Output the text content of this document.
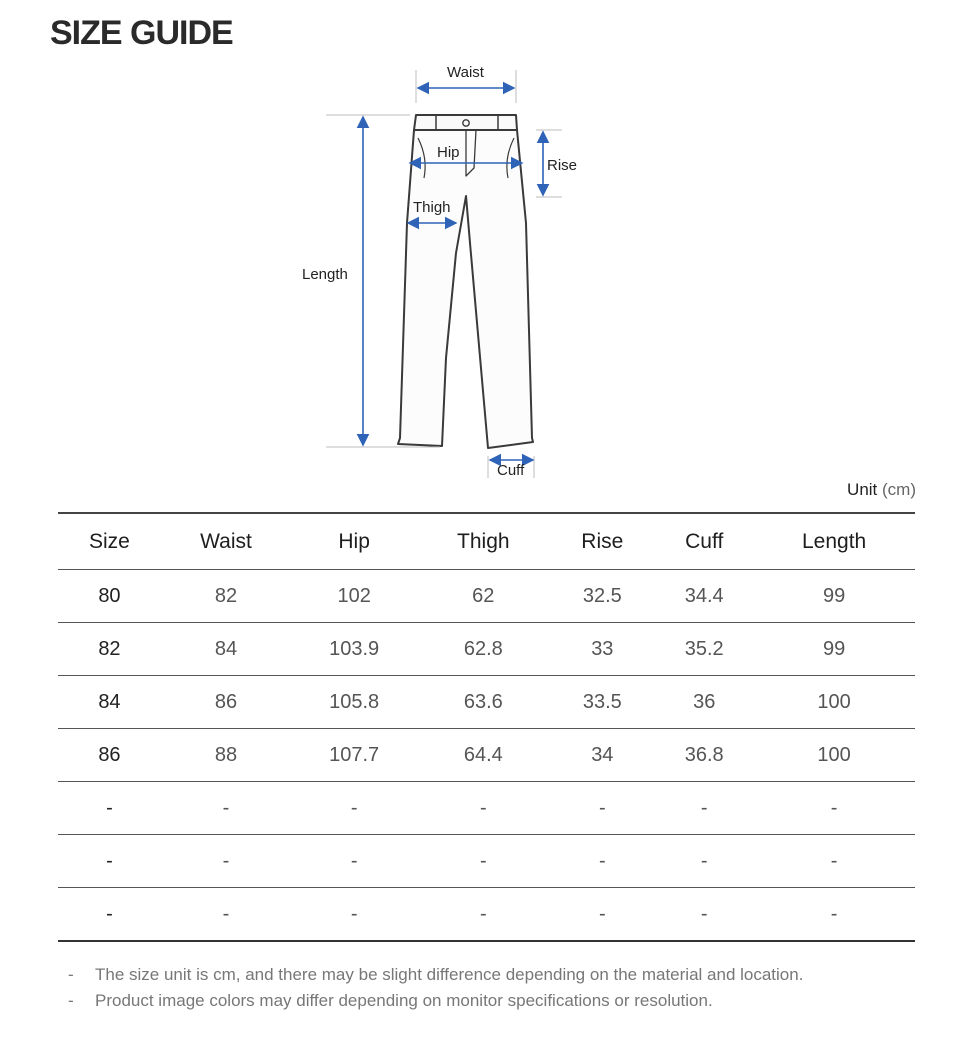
SIZE GUIDE
Waist
Hip
Rise
Thigh
Length
Cuff
Unit (cm)
Size	Waist	Hip	Thigh	Rise	Cuff	Length
80	82	102	62	32.5	34.4	99
82	84	103.9	62.8	33	35.2	99
84	86	105.8	63.6	33.5	36	100
86	88	107.7	64.4	34	36.8	100
-	-	-	-	-	-	-
-	-	-	-	-	-	-
-	-	-	-	-	-	-
-	The size unit is cm, and there may be slight difference depending on the material and location.
-	Product image colors may differ depending on monitor specifications or resolution.
